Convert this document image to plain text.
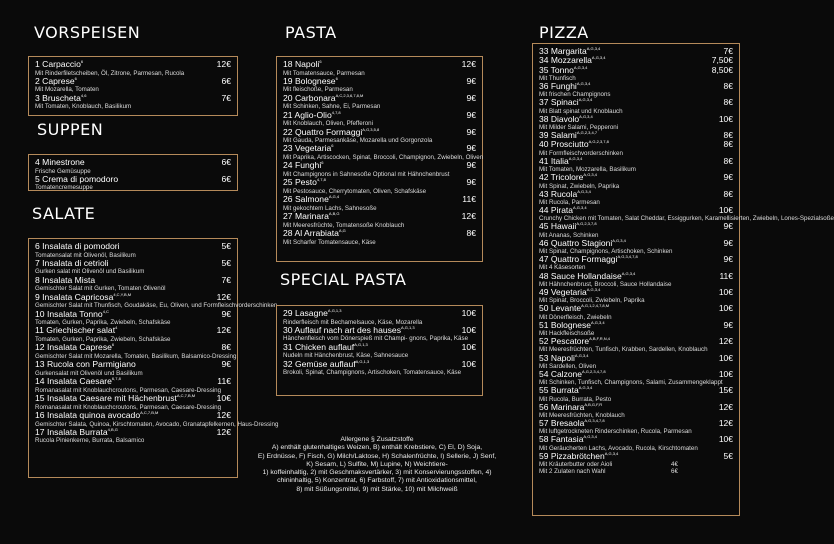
VORSPEISEN
SUPPEN
SALATE
PASTA
SPECIAL PASTA
PIZZA
1 Carpaccio$^6$	12€
Mit Rinderfiletscheiben, Öl, Zitrone, Parmesan, Rucola
2 Caprese$^6$	6€
Mit Mozarella, Tomaten
3 Bruscheta$^{4,6}$	7€
Mit Tomaten, Knoblauch, Basilikum
4 Minestrone	6€
Frische Gemüsuppe
5 Crema di pomodoro	6€
Tomatencremesuppe
6 Insalata di pomodori	5€
Tomatensalat mit Olivenöl, Basilikum
7 Insalata di cetrioli	5€
Gurken salat mit Olivenöl und Basilikum
8 Insalata Mista	7€
Gemischter Salat mit Gurken, Tomaten Olivenöl
9 Insalata Capricosa$^{4,C,Y,B,M}$	12€
Gemischter Salat mit Thunfisch, Goudakäse, Eu, Oliven, und Formfleischvorderschinken
10 Insalata Tonno$^{4,C}$	9€
Tomaten, Gurken, Paprika, Zwiebeln, Schafskäse
11 Griechischer salat$^4$	12€
Tomaten, Gurken, Paprika, Zwiebeln, Schafskäse
12 Insalata Caprese$^6$	8€
Gemischter Salat mit Mozarella, Tomaten, Basilikum, Balsamico-Dressing
13 Rucola con Parmigiano	9€
Gurkensalat mit Olivenöl und Basilikum
14 Insalata Caesare$^{6,7,8}$	11€
Romanasalat mit Knoblauchcroutons, Parmesan, Caesare-Dressing
15 Insalata Caesare mit Hächenbrust$^{A,C,7,B,M}$	10€
Romanasalat mit Knoblauchcroutons, Parmesan, Caesare-Dressing
16 Insalata quinoa avocado$^{A,C,7,B,M}$	12€
Gemischter Salata, Quinoa, Kirschtomaten, Avocado, Granatapfelkernen, Haus-Dressing
17 Insalata Burrata$^{4,B,G}$	12€
Rucola Pinienkerne, Burrata, Balsamico
18 Napoli$^6$	12€
Mit Tomatensauce, Parmesan
19 Bolognese$^6$	9€
Mit fleischoße, Parmesan
20 Carbonara$^{A,C,2,3,6,7,8,M}$	9€
Mit Schinken, Sahne, Ei, Parmesan
21 Aglio-Olio$^{4,7,8}$	9€
Mit Knoblauch, Oliven, Pfefferoni
22 Quattro Formaggi$^{A,G,3,5,8}$	9€
Mit Gauda, Parmesankäse, Mozarella und Gorgonzola
23 Vegetaria$^6$	9€
Mit Paprika, Artiscocken, Spinat, Broccoli, Champignon, Zwiebeln, Oliven
24 Funghi$^6$	9€
Mit Champignons in Sahnesoße Optional mit Hähnchenbrust
25 Pesto$^{4,7,8}$	9€
Mit Pestosauce, Cherrytomaten, Oliven, Schafskäse
26 Salmone$^{A,G,4}$	11€
Mit gekochtem Lachs, Sahnesoße
27 Marinara$^{A,B,G}$	12€
Mit Meeresfrüchte, Tomatensoße Knoblauch
28 Al Arrabiata$^{A,G}$	8€
Mit Scharfer Tomatensauce, Käse
29 Lasagne$^{A,G,1,3}$	10€
Rinderfleisch mit Bechamelsauce, Käse, Mozarella
30 Auflauf nach art des hauses$^{A,G,1,3}$	10€
Hänchenfleisch vom Dönerspieß mit Champi- gnons, Paprika, Käse
31 Chicken auflauf$^{A,G,1,3}$	10€
Nudeln mit Hänchenbrust, Käse, Sahnesauce
32 Gemüse auflauf$^{A,G,1,3}$	10€
Brokoli, Spinat, Champignons, Artischoken, Tomatensauce, Käse
33 Margarita$^{A,G,3,4}$	7€
34 Mozzarella$^{A,G,3,4}$	7,50€
35 Tonno$^{A,G,3,4}$	8,50€
Mit Thunfisch
36 Funghi$^{A,G,3,4}$	8€
Mit frischen Champignons
37 Spinaci$^{A,G,3,4}$	8€
Mit Blatt spinat und Knoblauch
38 Diavolo$^{A,G,3,4}$	10€
Mit Milder Salami, Pepperoni
39 Salami$^{A,G,2,3,4,7}$	8€
40 Prosciutto$^{A,G,2,3,7,8}$	8€
Mit Formfleischvorderschinken
41 Italia$^{A,G,3,4}$	8€
Mit Tomaten, Mozzarella, Basilikum
42 Tricolore$^{A,G,3,4}$	9€
Mit Spinat, Zwiebeln, Paprika
43 Rucola$^{A,G,3,4}$	8€
Mit Rucola, Parmesan
44 Pirata$^{A,G,3,4}$	10€
Crunchy Chicken mit Tomaten, Salat Cheddar, Essiggurken, Karamellisierten, Zwiebeln, Lones-Spezialsoße
45 Hawaii$^{A,G,2,3,7,8}$	9€
Mit Ananas, Schinken
46 Quattro Stagioni$^{A,G,3,4}$	9€
Mit Spinat, Champignons, Artischoken, Schinken
47 Quattro Formaggi$^{A,G,3,4,7,8}$	9€
Mit 4 Käsesorten
48 Sauce Hollandaise$^{A,G,3,4}$	11€
Mit Hähnchenbrust, Broccoli, Sauce Hollandaise
49 Vegetaria$^{A,G,3,4}$	10€
Mit Spinat, Broccoli, Zwiebeln, Paprika
50 Levante$^{A,G,1,2,4,7,8,M}$	10€
Mit Dönerfleisch, Zwiebeln
51 Bolognese$^{A,G,3,4}$	9€
Mit Hackfleischsoße
52 Pescatore$^{A,B,F,R,N,4}$	12€
Mit Meeresfrüchten, Tunfisch, Krabben, Sardellen, Knoblauch
53 Napoli$^{A,G,3,4}$	10€
Mit Sardellen, Oliven
54 Calzone$^{A,G,2,3,4,7,8}$	10€
Mit Schinken, Tunfisch, Champignons, Salami, Zusammengeklappt
55 Burrata$^{A,G,3,4}$	15€
Mit Rucola, Burrata, Pesto
56 Marinara$^{A,B,G,F,R}$	12€
Mit Meeresfrüchten, Knoblauch
57 Bresaola$^{A,G,3,4,7,8}$	12€
Mit luftgetrockneten Rinderschinken, Rucola, Parmesan
58 Fantasia$^{A,G,3,4}$	10€
Mit Geräucherten Lachs, Avocado, Rucola, Kirschtomaten
59 Pizzabrötchen$^{A,G,3,4}$	5€
Mit Kräuterbutter oder Aioli	4€
Mit 2 Zulaten nach Wahl	6€
Allergene § Zusatzstoffe
A) enthält glutenhaltiges Weizen, B) enthält Krebstiere, C) El, D) Soja,
E) Erdnüsse, F) Fisch, G) Milch/Laktose, H) Schalenfrüchte, I) Sellerie, J) Senf,
K) Sesam, L) Sulfite, M) Lupine, N) Weichtiere-
1) koffeinhaltig, 2) mit Geschmaksvertärker, 3) mit Konservierungsstoffen, 4)
chininhaltig, 5) Konzentrat, 6) Farbstoff, 7) mit Antioxidationsmittel,
8) mit Süßungsmittel, 9) mit Stärke, 10) mit Milchweiß
